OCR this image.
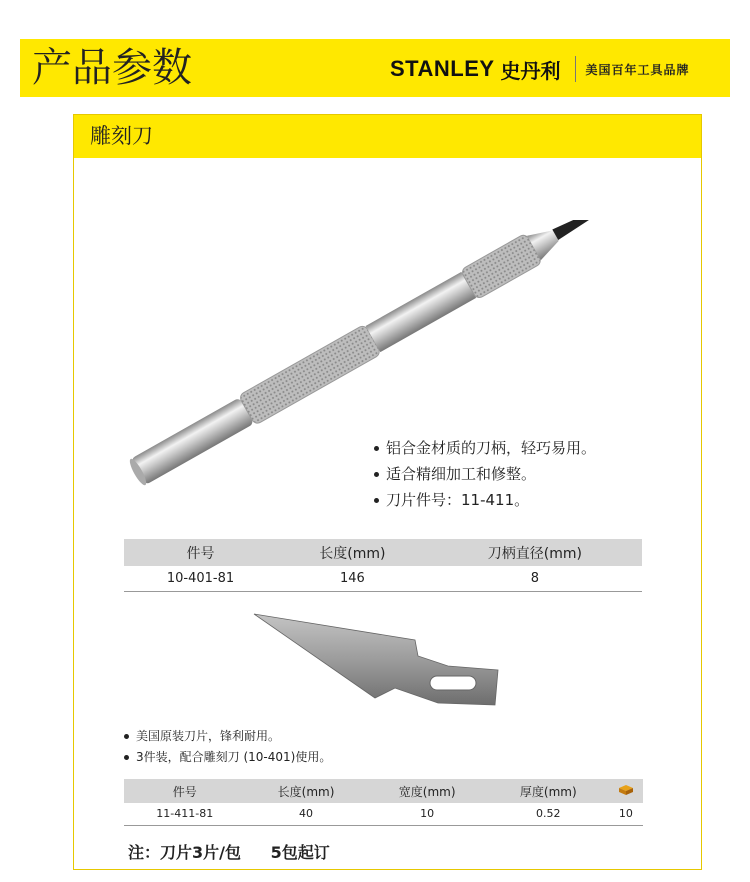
产品参数	STANLEY 史丹利 美国百年工具品牌
雕刻刀
铝合金材质的刀柄，轻巧易用。
适合精细加工和修整。
刀片件号：11-411。
件号	长度(mm)	刀柄直径(mm)
10-401-81	146	8
美国原装刀片，锋利耐用。
3件装，配合雕刻刀 (10-401)使用。
件号	长度(mm)	宽度(mm)	厚度(mm)	
11-411-81	40	10	0.52	10
注：刀片3片/包 5包起订
